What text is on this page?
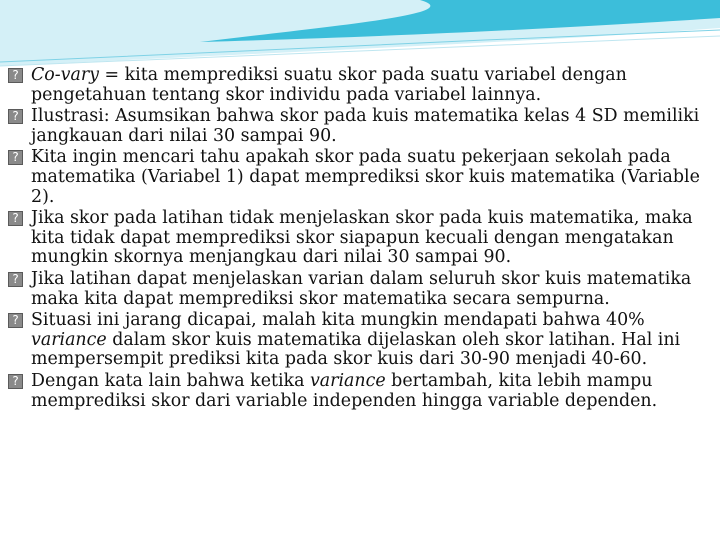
? Co-vary = kita memprediksi suatu skor pada suatu variabel dengan pengetahuan tentang skor individu pada variabel lainnya.
? Ilustrasi: Asumsikan bahwa skor pada kuis matematika kelas 4 SD memiliki jangkauan dari nilai 30 sampai 90.
? Kita ingin mencari tahu apakah skor pada suatu pekerjaan sekolah pada matematika (Variabel 1) dapat memprediksi skor kuis matematika (Variable 2).
? Jika skor pada latihan tidak menjelaskan skor pada kuis matematika, maka kita tidak dapat memprediksi skor siapapun kecuali dengan mengatakan mungkin skornya menjangkau dari nilai 30 sampai 90.
? Jika latihan dapat menjelaskan varian dalam seluruh skor kuis matematika maka kita dapat memprediksi skor matematika secara sempurna.
? Situasi ini jarang dicapai, malah kita mungkin mendapati bahwa 40% variance dalam skor kuis matematika dijelaskan oleh skor latihan. Hal ini mempersempit prediksi kita pada skor kuis dari 30-90 menjadi 40-60.
? Dengan kata lain bahwa ketika variance bertambah, kita lebih mampu memprediksi skor dari variable independen hingga variable dependen.
